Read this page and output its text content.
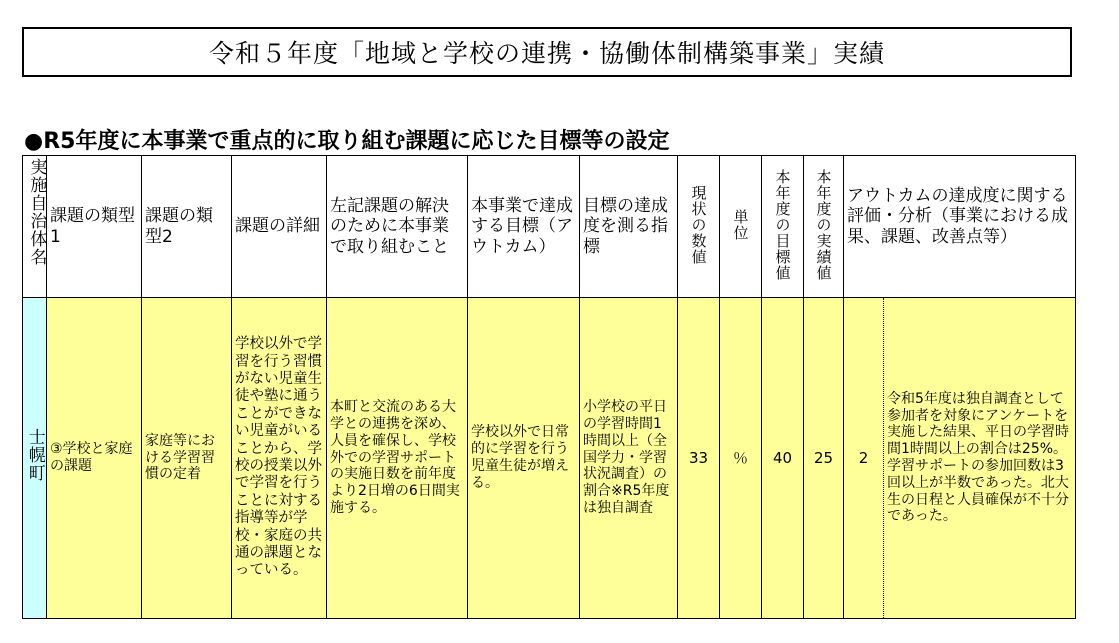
令和５年度「地域と学校の連携・協働体制構築事業」実績
●R5年度に本事業で重点的に取り組む課題に応じた目標等の設定
実施自治体名	課題の類型1	課題の類型2	課題の詳細	左記課題の解決のために本事業で取り組むこと	本事業で達成する目標（アウトカム）	目標の達成度を測る指標	現状の数値	単位	本年度の目標値	本年度の実績値	アウトカムの達成度に関する評価・分析（事業における成果、課題、改善点等）	
士幌町	③学校と家庭の課題	家庭等における学習習慣の定着	学校以外で学習を行う習慣がない児童生徒や塾に通うことができない児童がいることから、学校の授業以外で学習を行うことに対する指導等が学校・家庭の共通の課題となっている。	本町と交流のある大学との連携を深め、人員を確保し、学校外での学習サポートの実施日数を前年度より2日増の6日間実施する。	学校以外で日常的に学習を行う児童生徒が増える。	小学校の平日の学習時間1時間以上（全国学力・学習状況調査）の割合※R5年度は独自調査	33	％	40	25	2	令和5年度は独自調査として参加者を対象にアンケートを実施した結果、平日の学習時間1時間以上の割合は25%。学習サポートの参加回数は3回以上が半数であった。北大生の日程と人員確保が不十分であった。
